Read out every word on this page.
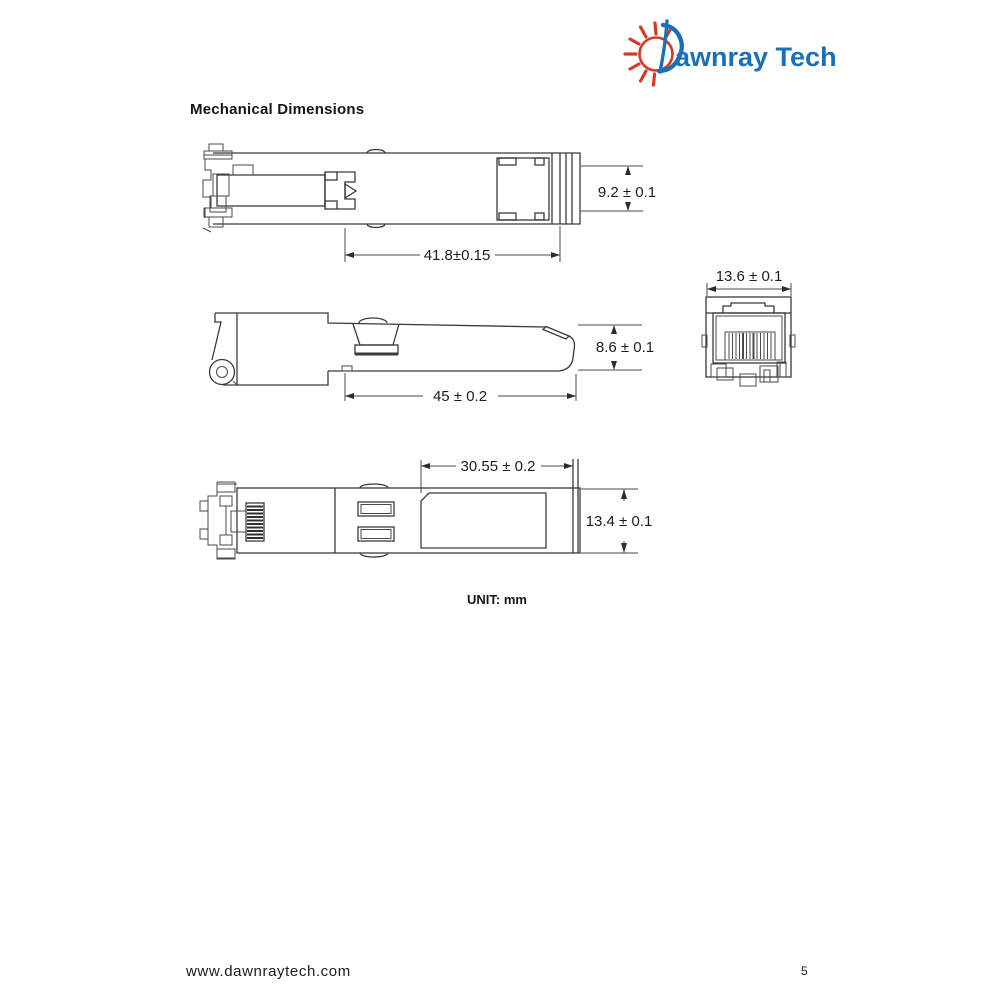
awnray Tech
Mechanical Dimensions
9.2 ± 0.1
41.8±0.15
8.6 ± 0.1
45 ± 0.2
13.6 ± 0.1
30.55 ± 0.2
13.4 ± 0.1
UNIT: mm
www.dawnraytech.com	5
